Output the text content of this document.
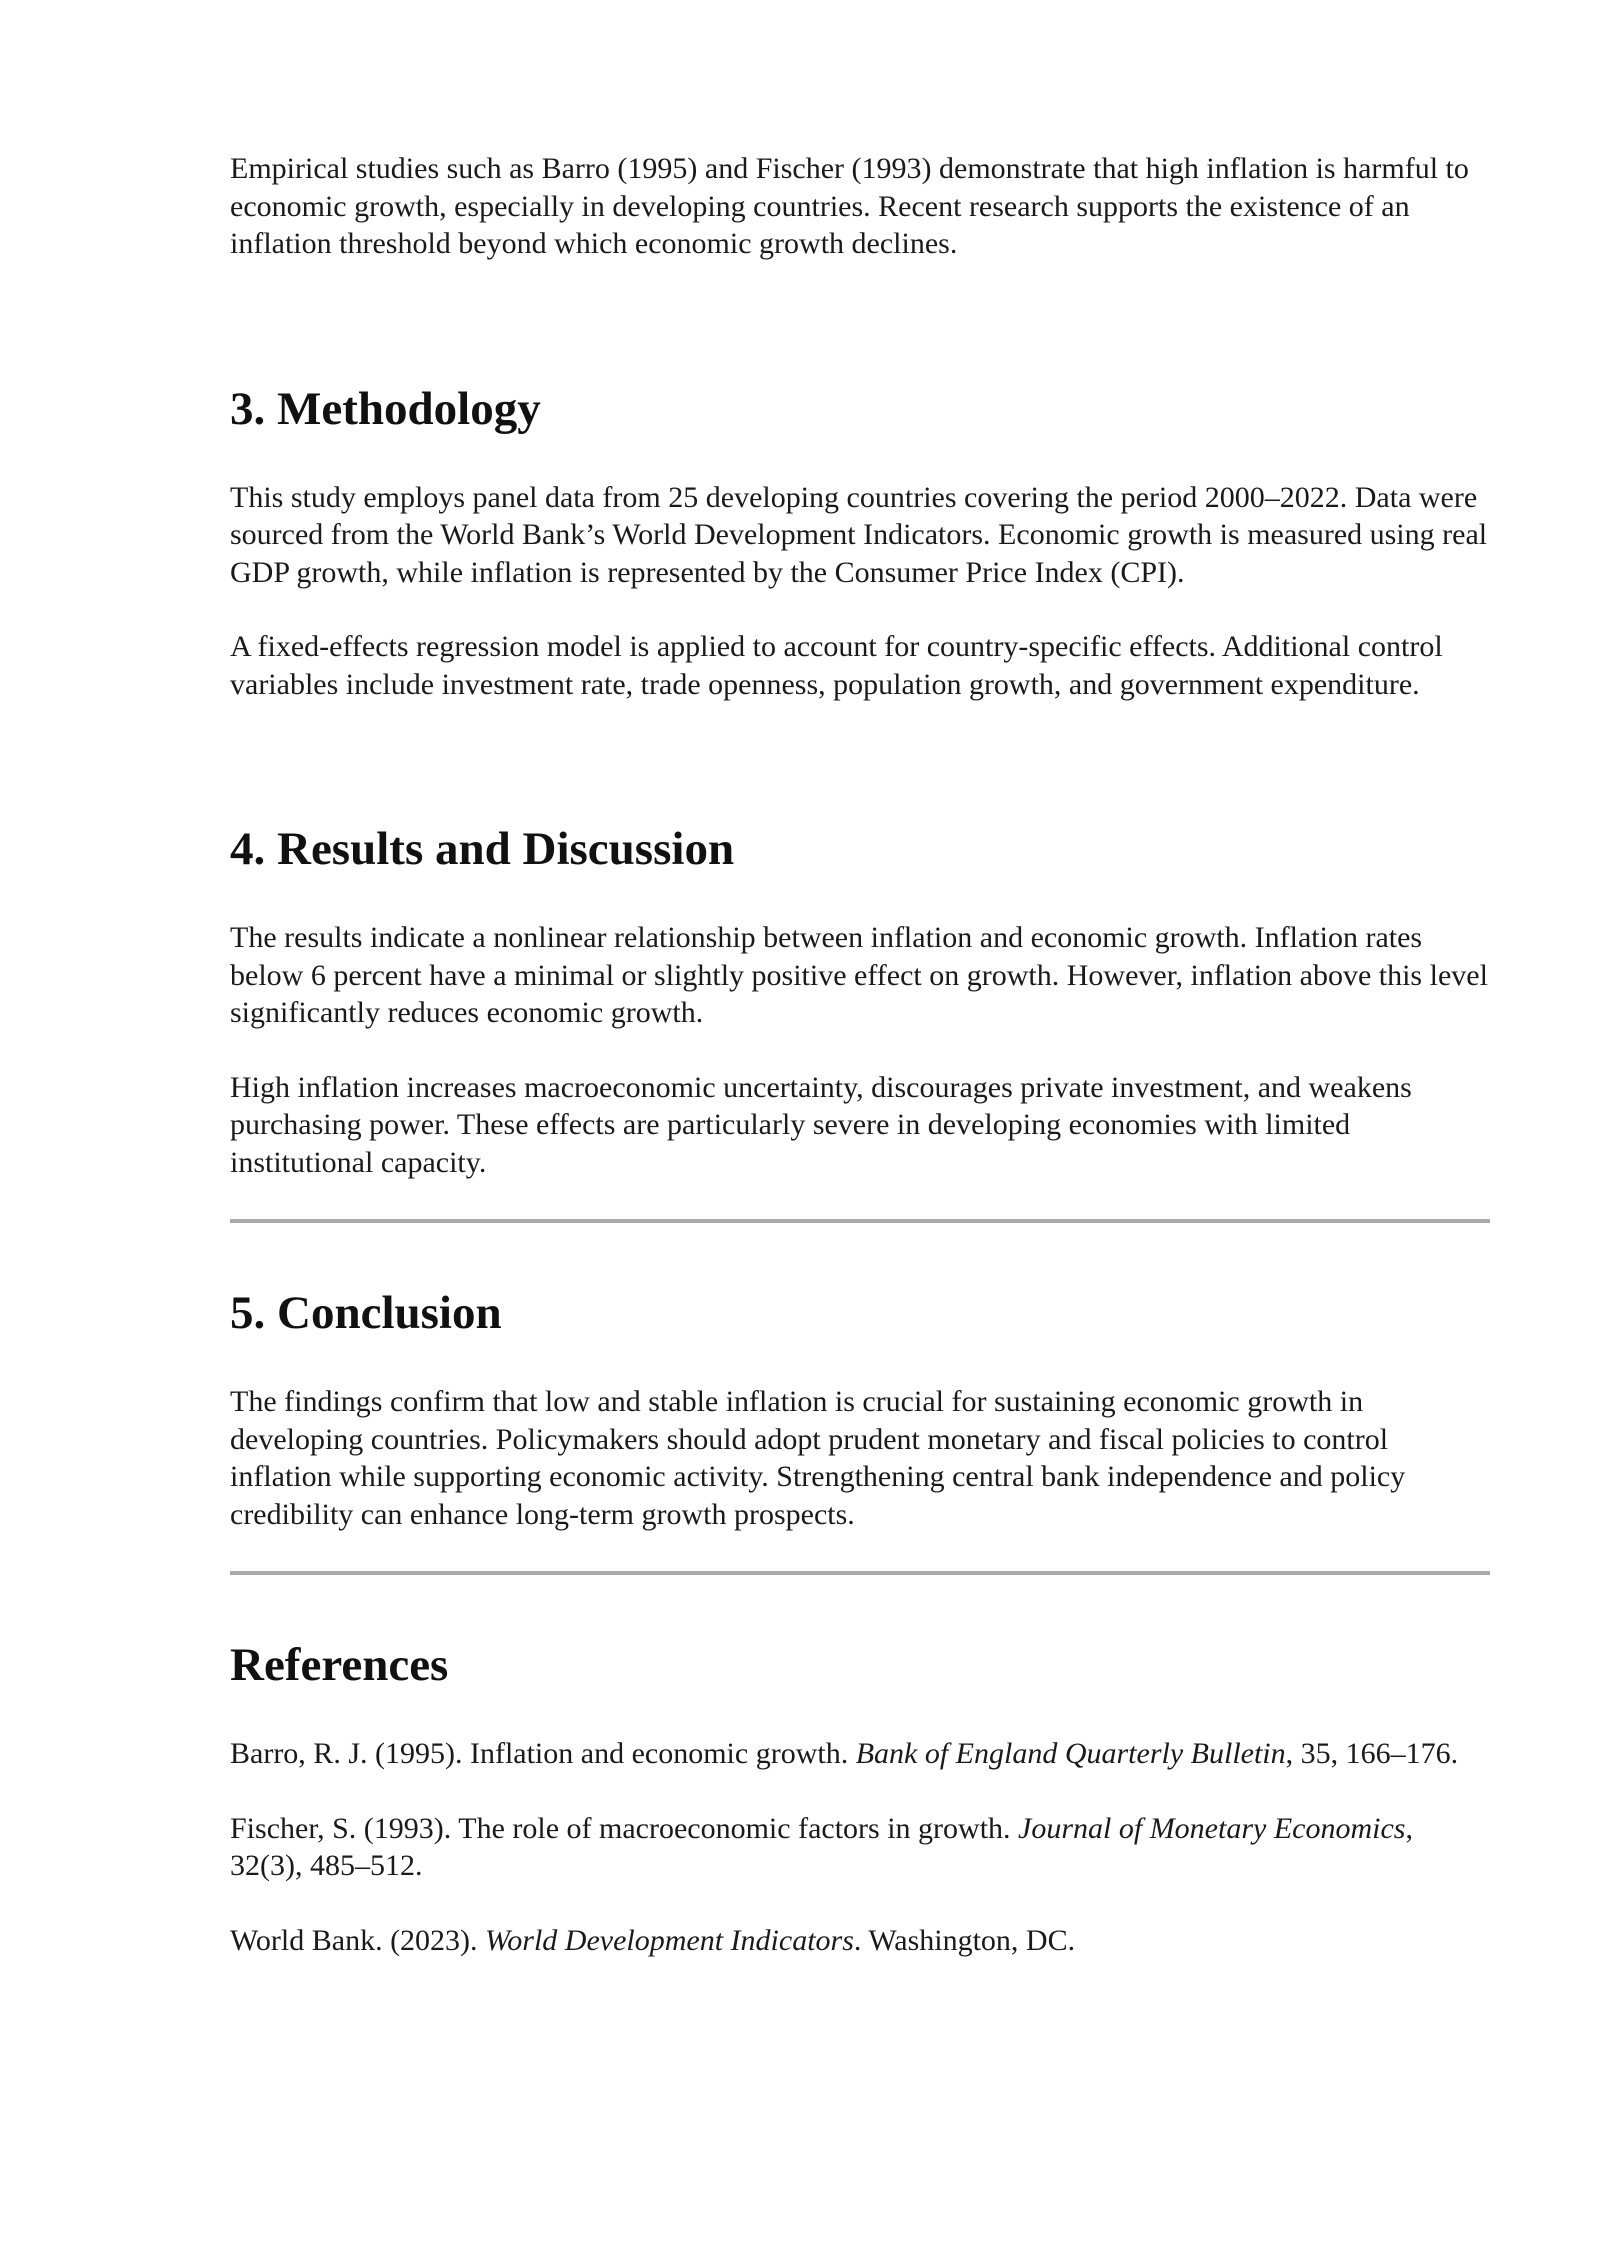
Empirical studies such as Barro (1995) and Fischer (1993) demonstrate that high inflation is harmful to economic growth, especially in developing countries. Recent research supports the existence of an inflation threshold beyond which economic growth declines.

3. Methodology

This study employs panel data from 25 developing countries covering the period 2000–2022. Data were sourced from the World Bank’s World Development Indicators. Economic growth is measured using real GDP growth, while inflation is represented by the Consumer Price Index (CPI).

A fixed-effects regression model is applied to account for country-specific effects. Additional control variables include investment rate, trade openness, population growth, and government expenditure.

4. Results and Discussion

The results indicate a nonlinear relationship between inflation and economic growth. Inflation rates below 6 percent have a minimal or slightly positive effect on growth. However, inflation above this level significantly reduces economic growth.

High inflation increases macroeconomic uncertainty, discourages private investment, and weakens purchasing power. These effects are particularly severe in developing economies with limited institutional capacity.

5. Conclusion

The findings confirm that low and stable inflation is crucial for sustaining economic growth in developing countries. Policymakers should adopt prudent monetary and fiscal policies to control inflation while supporting economic activity. Strengthening central bank independence and policy credibility can enhance long-term growth prospects.

References

Barro, R. J. (1995). Inflation and economic growth. Bank of England Quarterly Bulletin, 35, 166–176.

Fischer, S. (1993). The role of macroeconomic factors in growth. Journal of Monetary Economics, 32(3), 485–512.

World Bank. (2023). World Development Indicators. Washington, DC.
